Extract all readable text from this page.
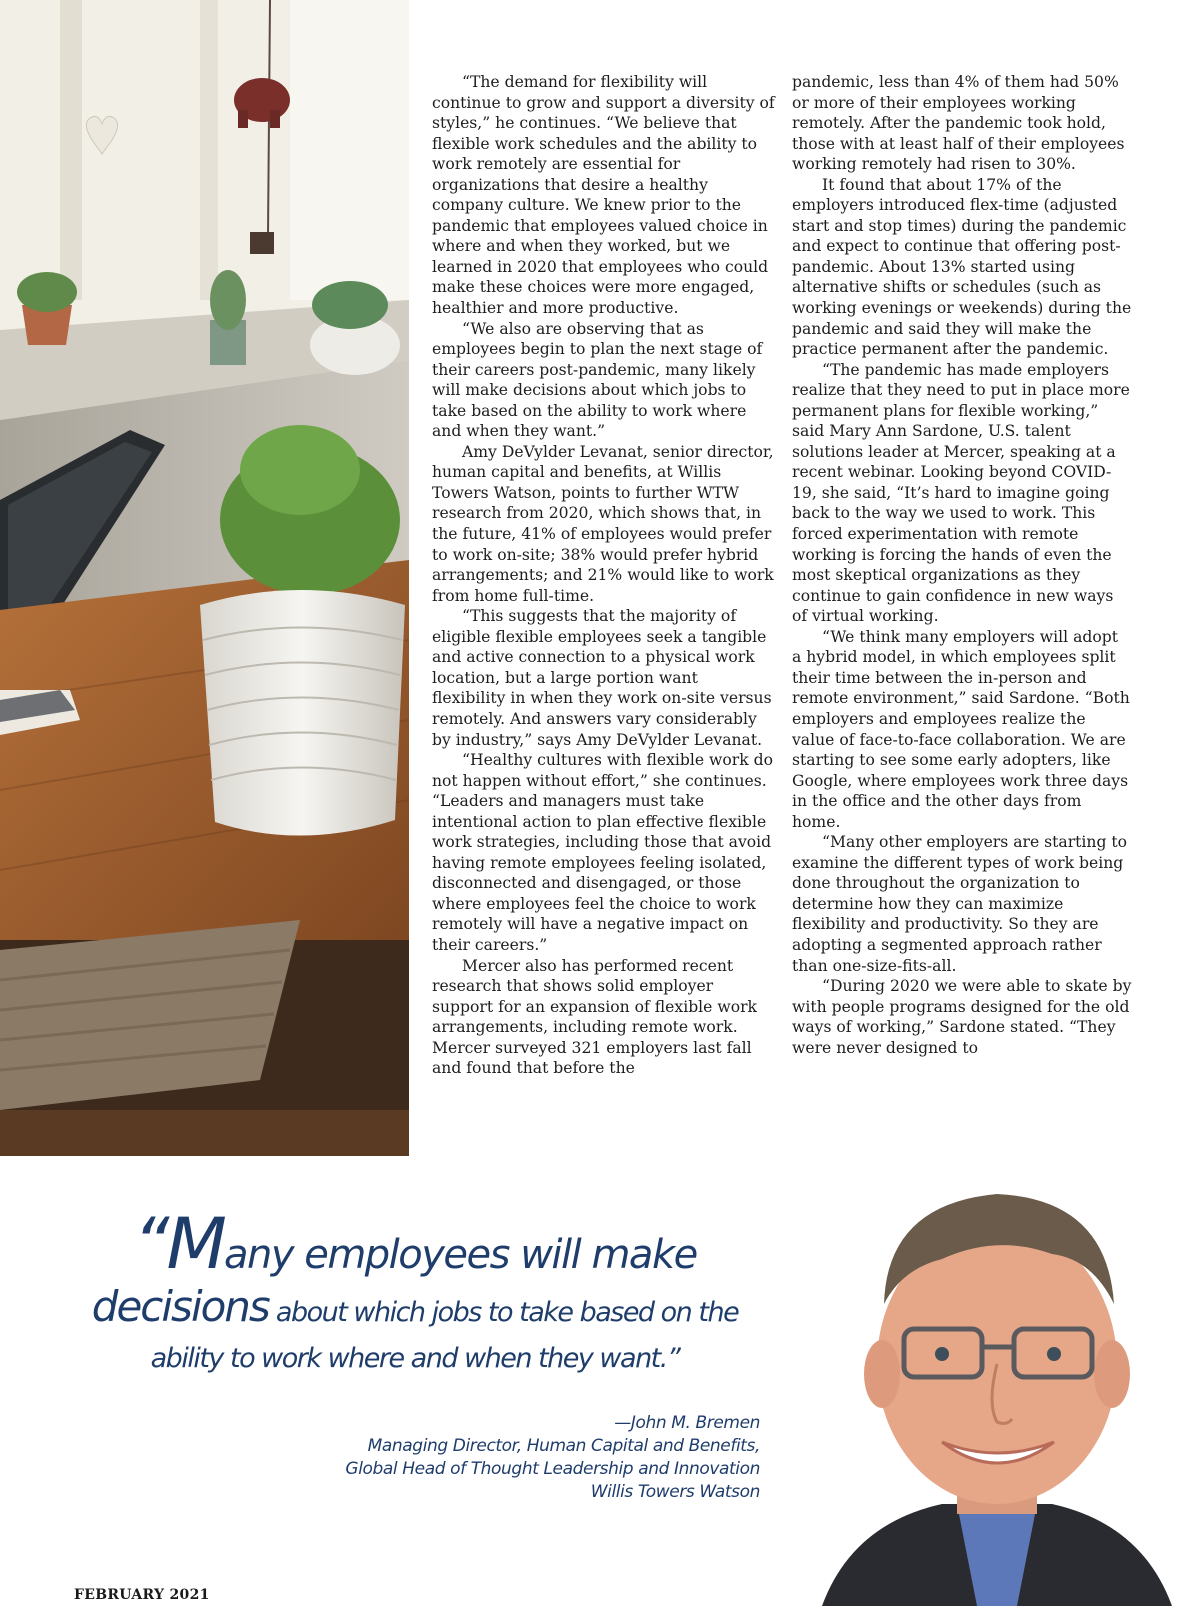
“The demand for flexibility will continue to grow and support a diversity of styles,” he continues. “We believe that flexible work schedules and the ability to work remotely are essential for organizations that desire a healthy company culture. We knew prior to the pandemic that employees valued choice in where and when they worked, but we learned in 2020 that employees who could make these choices were more engaged, healthier and more productive.

“We also are observing that as employees begin to plan the next stage of their careers post-pandemic, many likely will make decisions about which jobs to take based on the ability to work where and when they want.”

Amy DeVylder Levanat, senior director, human capital and benefits, at Willis Towers Watson, points to further WTW research from 2020, which shows that, in the future, 41% of employees would prefer to work on-site; 38% would prefer hybrid arrangements; and 21% would like to work from home full-time.

“This suggests that the majority of eligible flexible employees seek a tangible and active connection to a physical work location, but a large portion want flexibility in when they work on-site versus remotely. And answers vary considerably by industry,” says Amy DeVylder Levanat.

“Healthy cultures with flexible work do not happen without effort,” she continues. “Leaders and managers must take intentional action to plan effective flexible work strategies, including those that avoid having remote employees feeling isolated, disconnected and disengaged, or those where employees feel the choice to work remotely will have a negative impact on their careers.”

Mercer also has performed recent research that shows solid employer support for an expansion of flexible work arrangements, including remote work. Mercer surveyed 321 employers last fall and found that before the

pandemic, less than 4% of them had 50% or more of their employees working remotely. After the pandemic took hold, those with at least half of their employees working remotely had risen to 30%.

It found that about 17% of the employers introduced flex-time (adjusted start and stop times) during the pandemic and expect to continue that offering post-pandemic. About 13% started using alternative shifts or schedules (such as working evenings or weekends) during the pandemic and said they will make the practice permanent after the pandemic.

“The pandemic has made employers realize that they need to put in place more permanent plans for flexible working,” said Mary Ann Sardone, U.S. talent solutions leader at Mercer, speaking at a recent webinar. Looking beyond COVID-19, she said, “It’s hard to imagine going back to the way we used to work. This forced experimentation with remote working is forcing the hands of even the most skeptical organizations as they continue to gain confidence in new ways of virtual working.

“We think many employers will adopt a hybrid model, in which employees split their time between the in-person and remote environment,” said Sardone. “Both employers and employees realize the value of face-to-face collaboration. We are starting to see some early adopters, like Google, where employees work three days in the office and the other days from home.

“Many other employers are starting to examine the different types of work being done throughout the organization to determine how they can maximize flexibility and productivity. So they are adopting a segmented approach rather than one-size-fits-all.

“During 2020 we were able to skate by with people programs designed for the old ways of working,” Sardone stated. “They were never designed to

“Many employees will make
decisions about which jobs to take based on the
ability to work where and when they want.”
—John M. Bremen
Managing Director, Human Capital and Benefits,
Global Head of Thought Leadership and Innovation
Willis Towers Watson
FEBRUARY 2021
